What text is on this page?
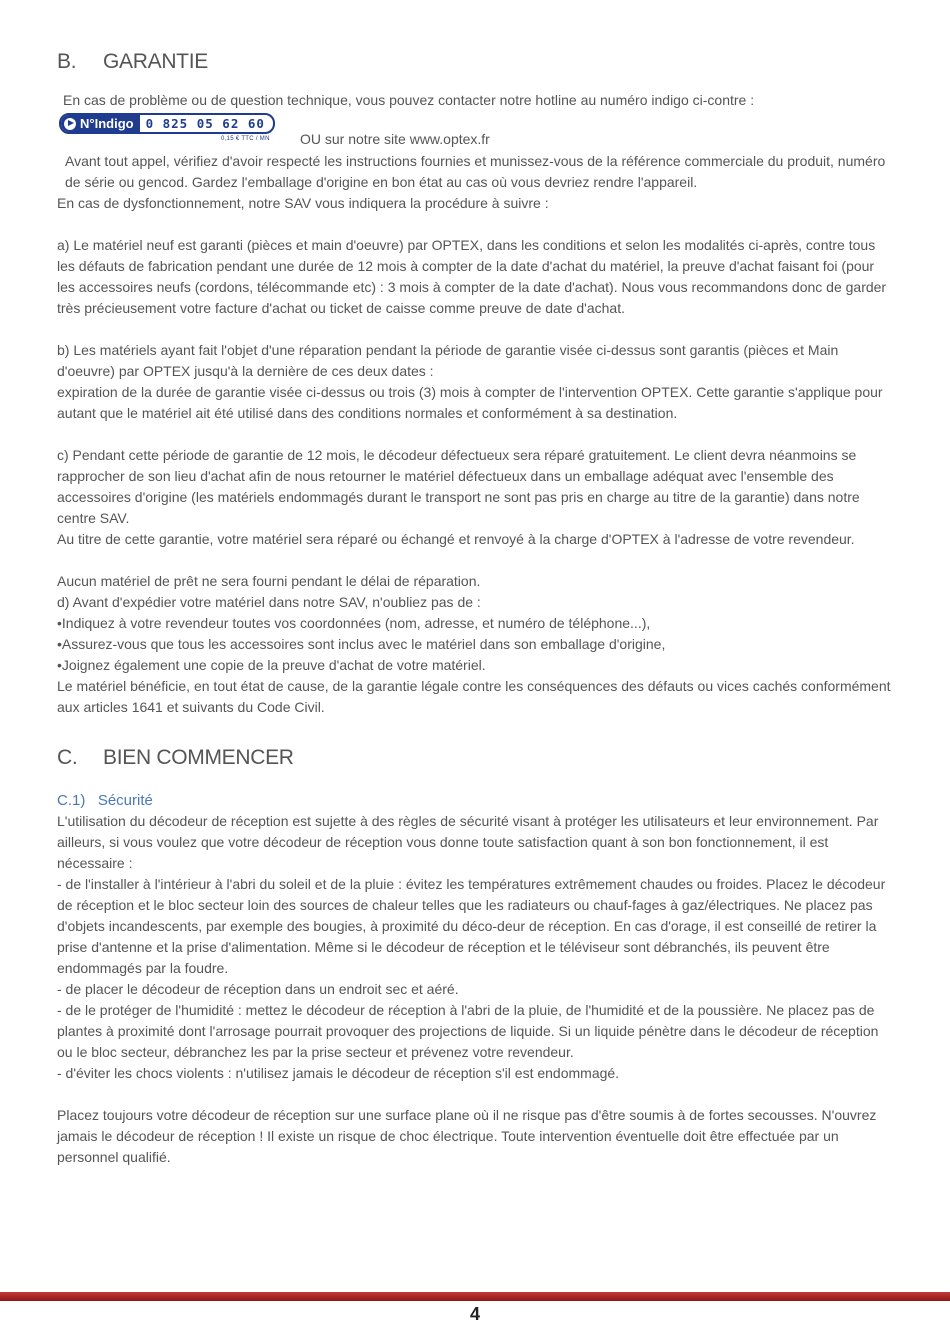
B. GARANTIE

En cas de problème ou de question technique, vous pouvez contacter notre hotline au numéro indigo ci-contre :

N°Indigo 0 825 05 62 60
0,15 € TTC / MN OU sur notre site www.optex.fr

Avant tout appel, vérifiez d'avoir respecté les instructions fournies et munissez-vous de la référence commerciale du produit, numéro de série ou gencod. Gardez l'emballage d'origine en bon état au cas où vous devriez rendre l'appareil.

En cas de dysfonctionnement, notre SAV vous indiquera la procédure à suivre :

a) Le matériel neuf est garanti (pièces et main d'oeuvre) par OPTEX, dans les conditions et selon les modalités ci-après, contre tous les défauts de fabrication pendant une durée de 12 mois à compter de la date d'achat du matériel, la preuve d'achat faisant foi (pour les accessoires neufs (cordons, télécommande etc) : 3 mois à compter de la date d'achat). Nous vous recommandons donc de garder très précieusement votre facture d'achat ou ticket de caisse comme preuve de date d'achat.

b) Les matériels ayant fait l'objet d'une réparation pendant la période de garantie visée ci-dessus sont garantis (pièces et Main d'oeuvre) par OPTEX jusqu'à la dernière de ces deux dates :

expiration de la durée de garantie visée ci-dessus ou trois (3) mois à compter de l'intervention OPTEX. Cette garantie s'applique pour autant que le matériel ait été utilisé dans des conditions normales et conformément à sa destination.

c) Pendant cette période de garantie de 12 mois, le décodeur défectueux sera réparé gratuitement. Le client devra néanmoins se rapprocher de son lieu d'achat afin de nous retourner le matériel défectueux dans un emballage adéquat avec l'ensemble des accessoires d'origine (les matériels endommagés durant le transport ne sont pas pris en charge au titre de la garantie) dans notre centre SAV.

Au titre de cette garantie, votre matériel sera réparé ou échangé et renvoyé à la charge d'OPTEX à l'adresse de votre revendeur.

Aucun matériel de prêt ne sera fourni pendant le délai de réparation.

d) Avant d'expédier votre matériel dans notre SAV, n'oubliez pas de :

•Indiquez à votre revendeur toutes vos coordonnées (nom, adresse, et numéro de téléphone...),

•Assurez-vous que tous les accessoires sont inclus avec le matériel dans son emballage d'origine,

•Joignez également une copie de la preuve d'achat de votre matériel.

Le matériel bénéficie, en tout état de cause, de la garantie légale contre les conséquences des défauts ou vices cachés conformément aux articles 1641 et suivants du Code Civil.

C. BIEN COMMENCER
C.1)   Sécurité

L'utilisation du décodeur de réception est sujette à des règles de sécurité visant à protéger les utilisateurs et leur environnement. Par ailleurs, si vous voulez que votre décodeur de réception vous donne toute satisfaction quant à son bon fonctionnement, il est nécessaire :

- de l'installer à l'intérieur à l'abri du soleil et de la pluie : évitez les températures extrêmement chaudes ou froides. Placez le décodeur de réception et le bloc secteur loin des sources de chaleur telles que les radiateurs ou chauf-fages à gaz/électriques. Ne placez pas d'objets incandescents, par exemple des bougies, à proximité du déco-deur de réception. En cas d'orage, il est conseillé de retirer la prise d'antenne et la prise d'alimentation. Même si le décodeur de réception et le téléviseur sont débranchés, ils peuvent être endommagés par la foudre.

- de placer le décodeur de réception dans un endroit sec et aéré.

- de le protéger de l'humidité : mettez le décodeur de réception à l'abri de la pluie, de l'humidité et de la poussière. Ne placez pas de plantes à proximité dont l'arrosage pourrait provoquer des projections de liquide. Si un liquide pénètre dans le décodeur de réception ou le bloc secteur, débranchez les par la prise secteur et prévenez votre revendeur.

- d'éviter les chocs violents : n'utilisez jamais le décodeur de réception s'il est endommagé.

Placez toujours votre décodeur de réception sur une surface plane où il ne risque pas d'être soumis à de fortes secousses. N'ouvrez jamais le décodeur de réception ! Il existe un risque de choc électrique. Toute intervention éventuelle doit être effectuée par un personnel qualifié.

4
